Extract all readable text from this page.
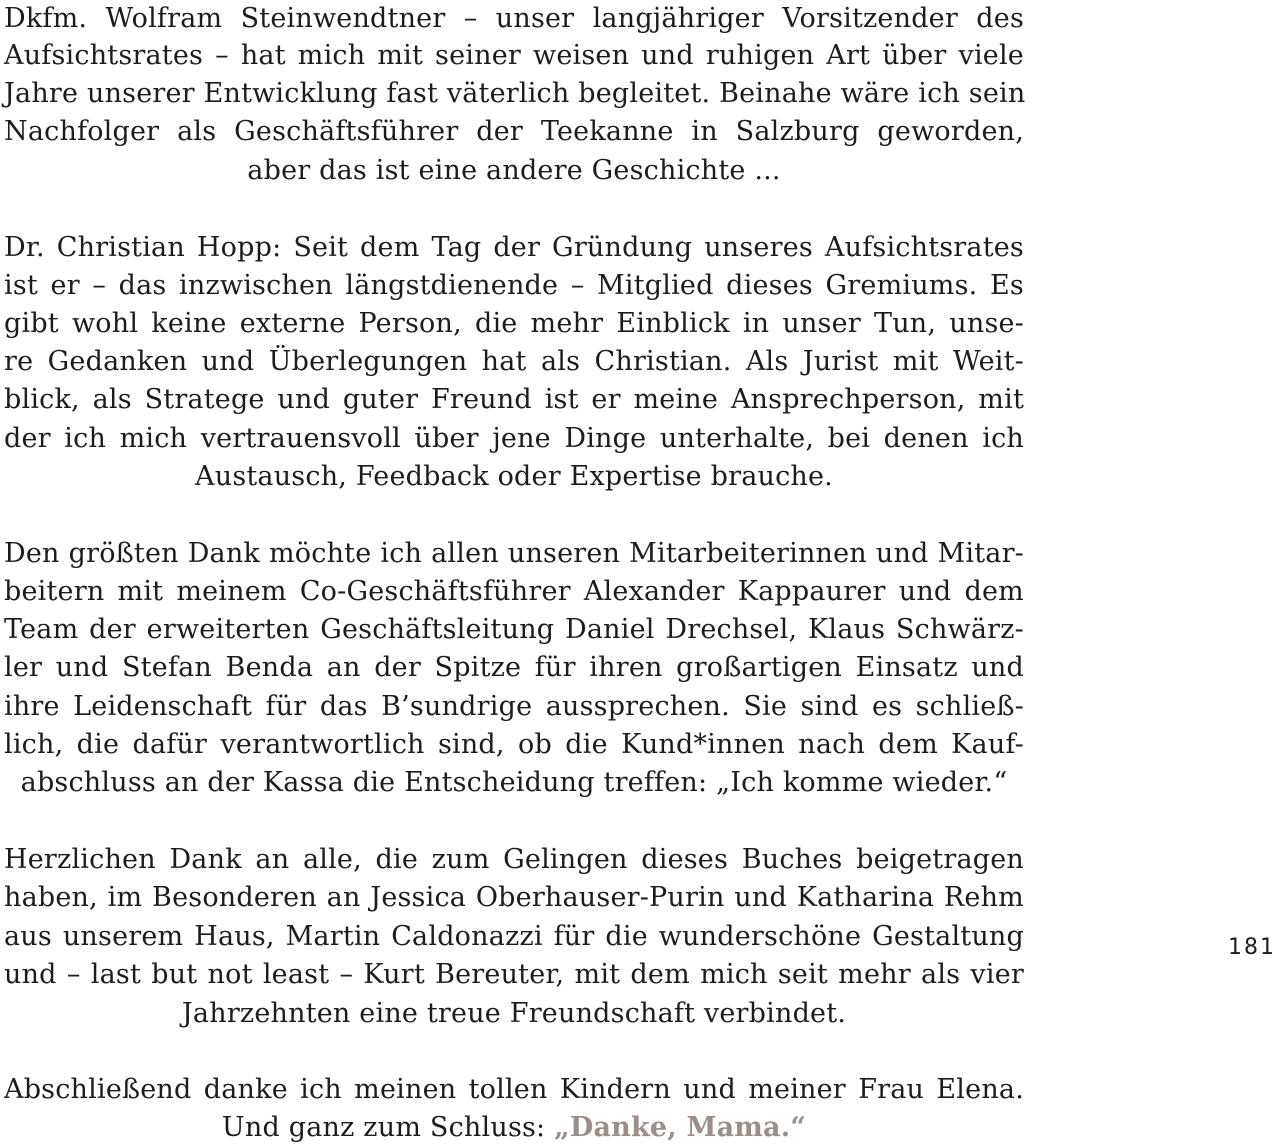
Dkfm. Wolfram Steinwendtner – unser langjähriger Vorsitzender des
Aufsichtsrates – hat mich mit seiner weisen und ruhigen Art über viele
Jahre unserer Entwicklung fast väterlich begleitet. Beinahe wäre ich sein
Nachfolger als Geschäftsführer der Teekanne in Salzburg geworden,
aber das ist eine andere Geschichte ...
Dr. Christian Hopp: Seit dem Tag der Gründung unseres Aufsichtsrates
ist er – das inzwischen längstdienende – Mitglied dieses Gremiums. Es
gibt wohl keine externe Person, die mehr Einblick in unser Tun, unse-
re Gedanken und Überlegungen hat als Christian. Als Jurist mit Weit-
blick, als Stratege und guter Freund ist er meine Ansprechperson, mit
der ich mich vertrauensvoll über jene Dinge unterhalte, bei denen ich
Austausch, Feedback oder Expertise brauche.
Den größten Dank möchte ich allen unseren Mitarbeiterinnen und Mitar-
beitern mit meinem Co-Geschäftsführer Alexander Kappaurer und dem
Team der erweiterten Geschäftsleitung Daniel Drechsel, Klaus Schwärz-
ler und Stefan Benda an der Spitze für ihren großartigen Einsatz und
ihre Leidenschaft für das B’sundrige aussprechen. Sie sind es schließ-
lich, die dafür verantwortlich sind, ob die Kund*innen nach dem Kauf-
abschluss an der Kassa die Entscheidung treffen: „Ich komme wieder.“
Herzlichen Dank an alle, die zum Gelingen dieses Buches beigetragen
haben, im Besonderen an Jessica Oberhauser-Purin und Katharina Rehm
aus unserem Haus, Martin Caldonazzi für die wunderschöne Gestaltung
und – last but not least – Kurt Bereuter, mit dem mich seit mehr als vier
Jahrzehnten eine treue Freundschaft verbindet.
Abschließend danke ich meinen tollen Kindern und meiner Frau Elena.
Und ganz zum Schluss: „Danke, Mama.“
181
